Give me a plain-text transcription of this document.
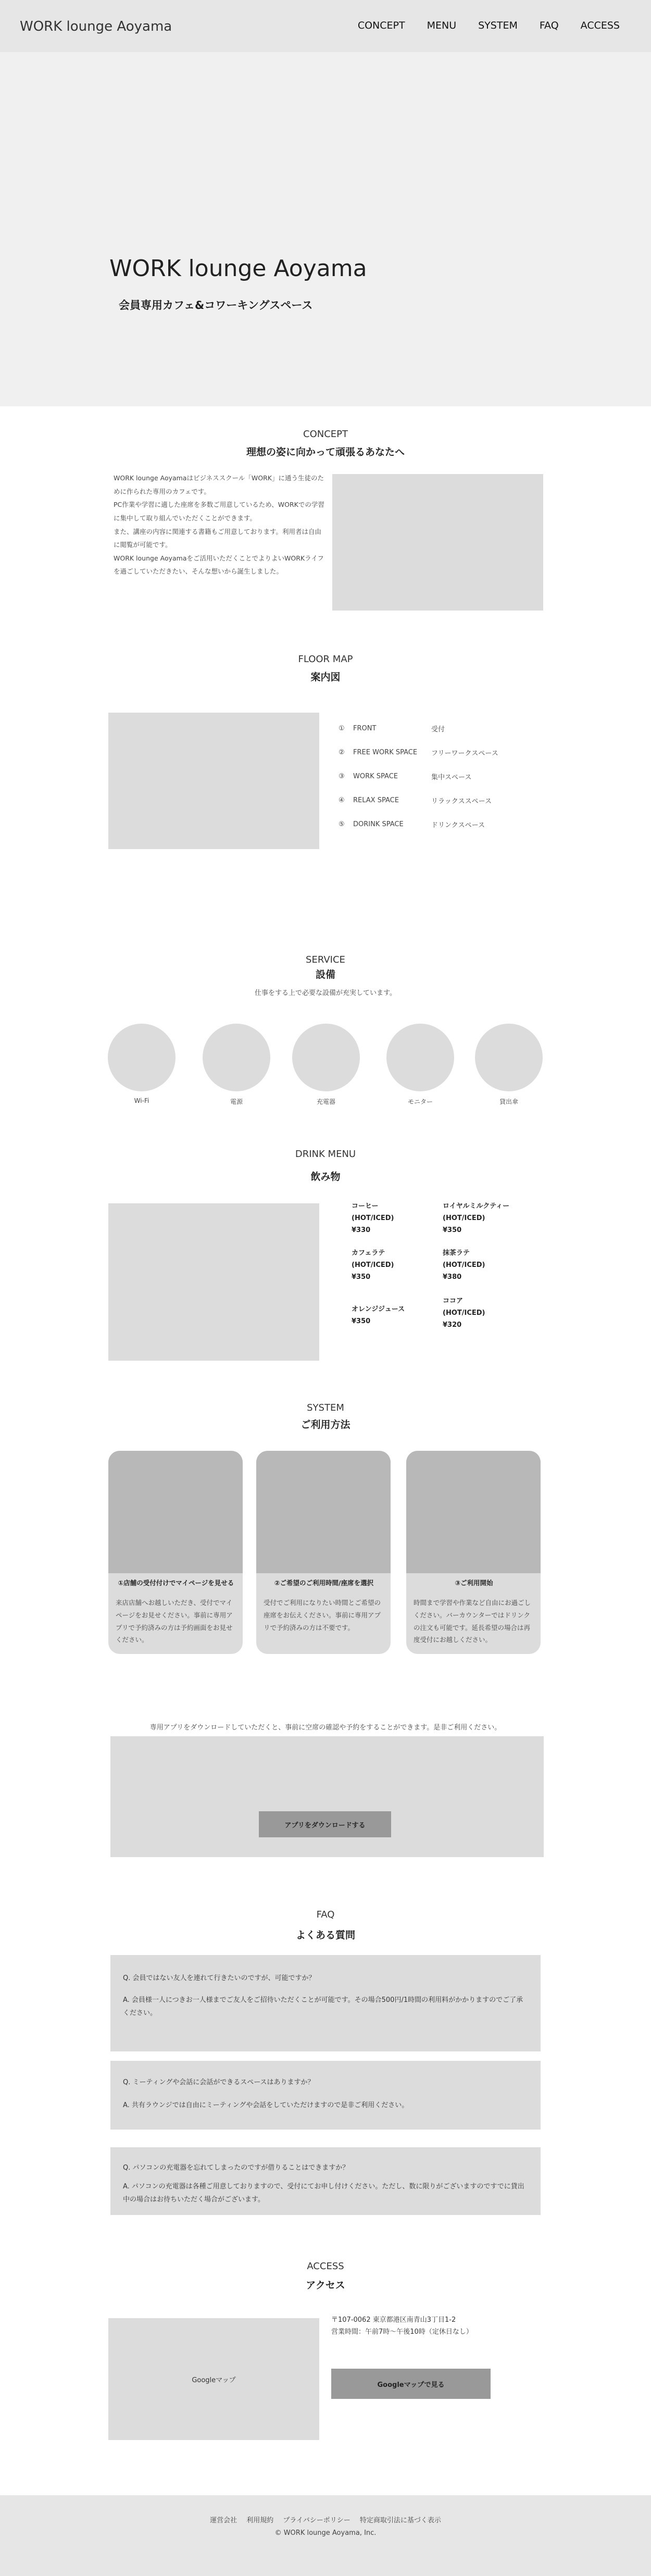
WORK lounge Aoyama	CONCEPT MENU SYSTEM FAQ ACCESS
WORK lounge Aoyama
会員専用カフェ&コワーキングスペース
CONCEPT
理想の姿に向かって頑張るあなたへ

WORK lounge Aoyamaはビジネススクール「WORK」に通う生徒のために作られた専用のカフェです。

PC作業や学習に適した座席を多数ご用意しているため、WORKでの学習に集中して取り組んでいただくことができます。

また、講座の内容に関連する書籍もご用意しております。利用者は自由に閲覧が可能です。

WORK lounge Aoyamaをご活用いただくことでよりよいWORKライフを過ごしていただきたい、そんな想いから誕生しました。

FLOOR MAP
案内図
①	FRONT	受付
②	FREE WORK SPACE	フリーワークスペース
③	WORK SPACE	集中スペース
④	RELAX SPACE	リラックススペース
⑤	DORINK SPACE	ドリンクスペース
SERVICE
設備
仕事をする上で必要な設備が充実しています。
Wi-Fi	電源	充電器	モニター	貸出傘
DRINK MENU
飲み物
コーヒー
(HOT/ICED)
¥330
ロイヤルミルクティー
(HOT/ICED)
¥350
カフェラテ
(HOT/ICED)
¥350
抹茶ラテ
(HOT/ICED)
¥380
オレンジジュース
¥350
ココア
(HOT/ICED)
¥320
SYSTEM
ご利用方法
①店舗の受付付けでマイページを見せる
来店店舗へお越しいただき、受付でマイページをお見せください。事前に専用アプリで予約済みの方は予約画面をお見せください。
②ご希望のご利用時間/座席を選択
受付でご利用になりたい時間とご希望の座席をお伝えください。事前に専用アプリで予約済みの方は不要です。
③ご利用開始
時間まで学習や作業など自由にお過ごしください。バーカウンターではドリンクの注文も可能です。延長希望の場合は再度受付にお越しください。
専用アプリをダウンロードしていただくと、事前に空席の確認や予約をすることができます。是非ご利用ください。
アプリをダウンロードする
FAQ
よくある質問
Q. 会員ではない友人を連れて行きたいのですが、可能ですか？
A. 会員様一人につきお一人様までご友人をご招待いただくことが可能です。その場合500円/1時間の利用料がかかりますのでご了承ください。
Q. ミーティングや会話に会話ができるスペースはありますか？
A. 共有ラウンジでは自由にミーティングや会話をしていただけますので是非ご利用ください。
Q. パソコンの充電器を忘れてしまったのですが借りることはできますか？
A. パソコンの充電器は各種ご用意しておりますので、受付にてお申し付けください。ただし、数に限りがございますのですでに貸出中の場合はお待ちいただく場合がございます。
ACCESS
アクセス
Googleマップ
〒107-0062 東京都港区南青山3丁目1-2
営業時間：午前7時〜午後10時（定休日なし）
Googleマップで見る
運営会社 利用規約 プライバシーポリシー 特定商取引法に基づく表示
© WORK lounge Aoyama, Inc.
